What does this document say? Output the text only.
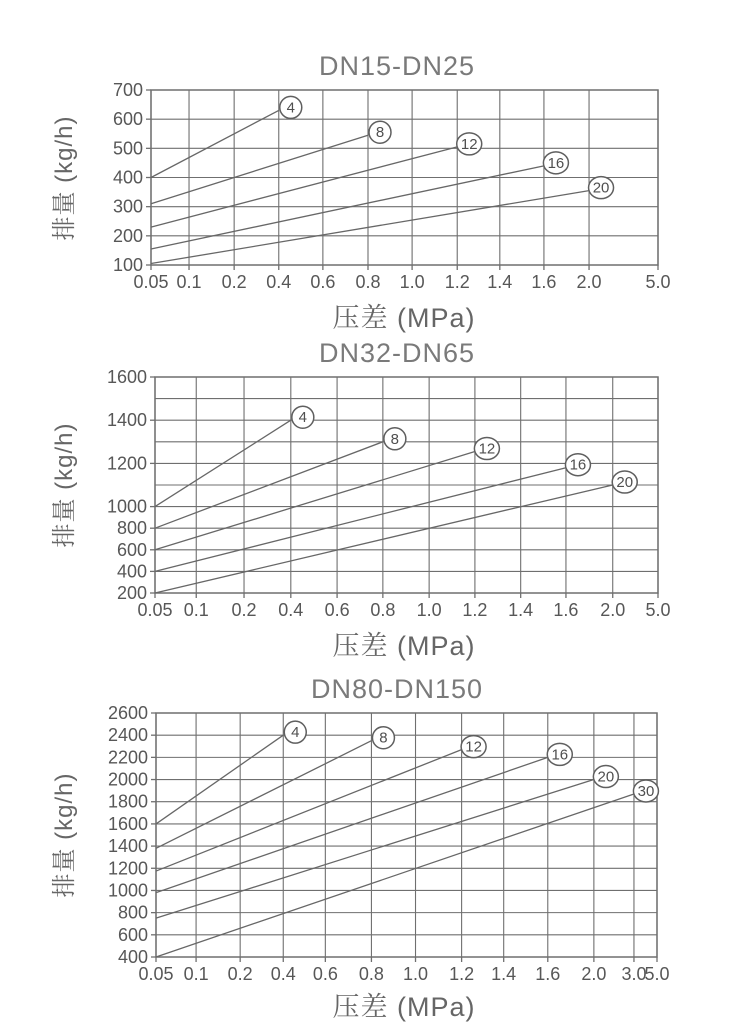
700
600
500
400
300
200
100
0.05 0.1 0.2 0.4 0.6 0.8 1.0 1.2 1.4 1.6 2.0 5.0
4
8
12
16
20
1600
1400
1200
1000
800
600
400
200
0.05 0.1 0.2 0.4 0.6 0.8 1.0 1.2 1.4 1.6 2.0 5.0
4
8
12
16
20
2600
2400
2200
2000
1800
1600
1400
1200
1000
800
600
400
0.05 0.1 0.2 0.4 0.6 0.8 1.0 1.2 1.4 1.6 2.0 3.0
5.0
4	8
12	16
20
30
DN15-DN25
排量 (kg/h)
压差 (MPa)
DN32-DN65
排量 (kg/h)
压差 (MPa)
DN80-DN150
排量 (kg/h)
压差 (MPa)
